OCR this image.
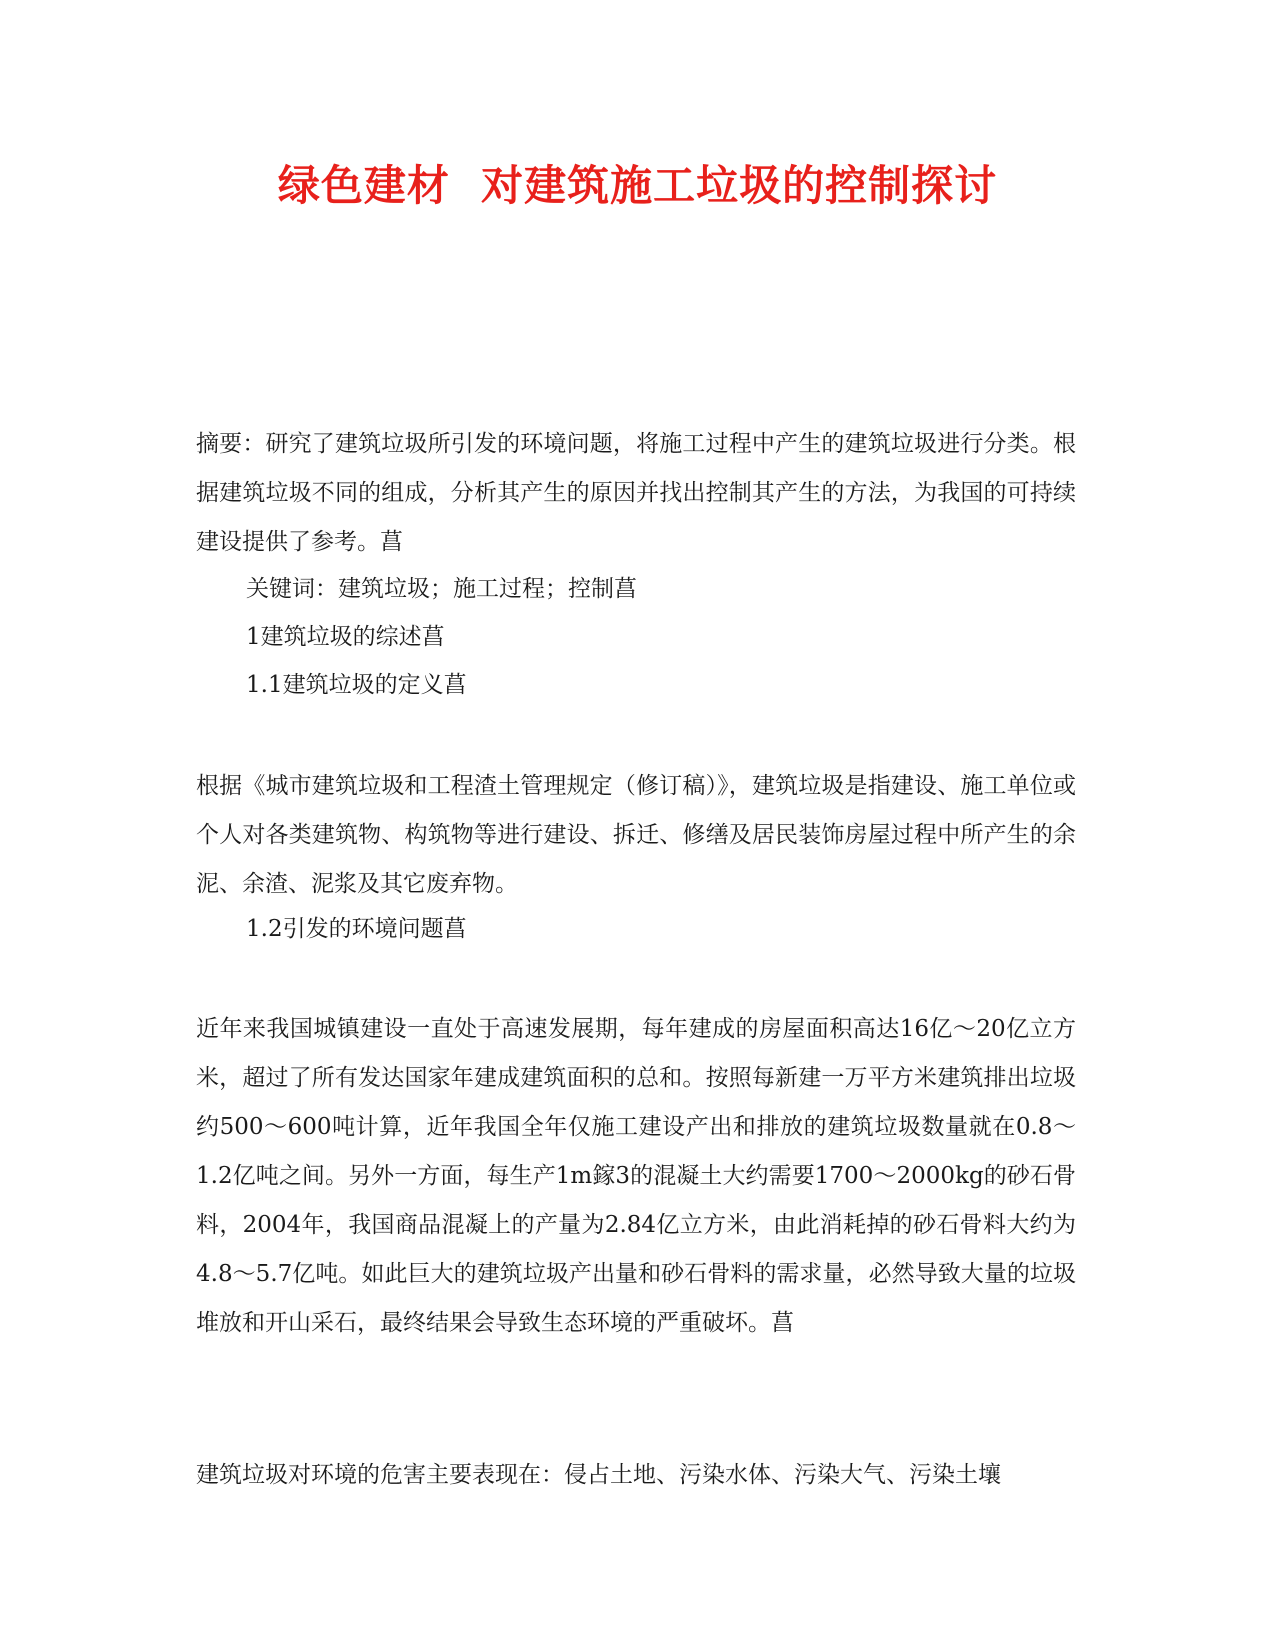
绿色建材  对建筑施工垃圾的控制探讨

摘要：研究了建筑垃圾所引发的环境问题，将施工过程中产生的建筑垃圾进行分类。根据建筑垃圾不同的组成，分析其产生的原因并找出控制其产生的方法，为我国的可持续建设提供了参考。菖

关键词：建筑垃圾；施工过程；控制菖

1建筑垃圾的综述菖

1.1建筑垃圾的定义菖

根据《城市建筑垃圾和工程渣土管理规定（修订稿）》，建筑垃圾是指建设、施工单位或个人对各类建筑物、构筑物等进行建设、拆迁、修缮及居民装饰房屋过程中所产生的余泥、余渣、泥浆及其它废弃物。

1.2引发的环境问题菖

近年来我国城镇建设一直处于高速发展期，每年建成的房屋面积高达16亿～20亿立方米，超过了所有发达国家年建成建筑面积的总和。按照每新建一万平方米建筑排出垃圾约500～600吨计算，近年我国全年仅施工建设产出和排放的建筑垃圾数量就在0.8～1.2亿吨之间。另外一方面，每生产1m鎵3的混凝土大约需要1700～2000kg的砂石骨料，2004年，我国商品混凝上的产量为2.84亿立方米，由此消耗掉的砂石骨料大约为4.8～5.7亿吨。如此巨大的建筑垃圾产出量和砂石骨料的需求量，必然导致大量的垃圾堆放和开山采石，最终结果会导致生态环境的严重破坏。菖

建筑垃圾对环境的危害主要表现在：侵占土地、污染水体、污染大气、污染土壤
